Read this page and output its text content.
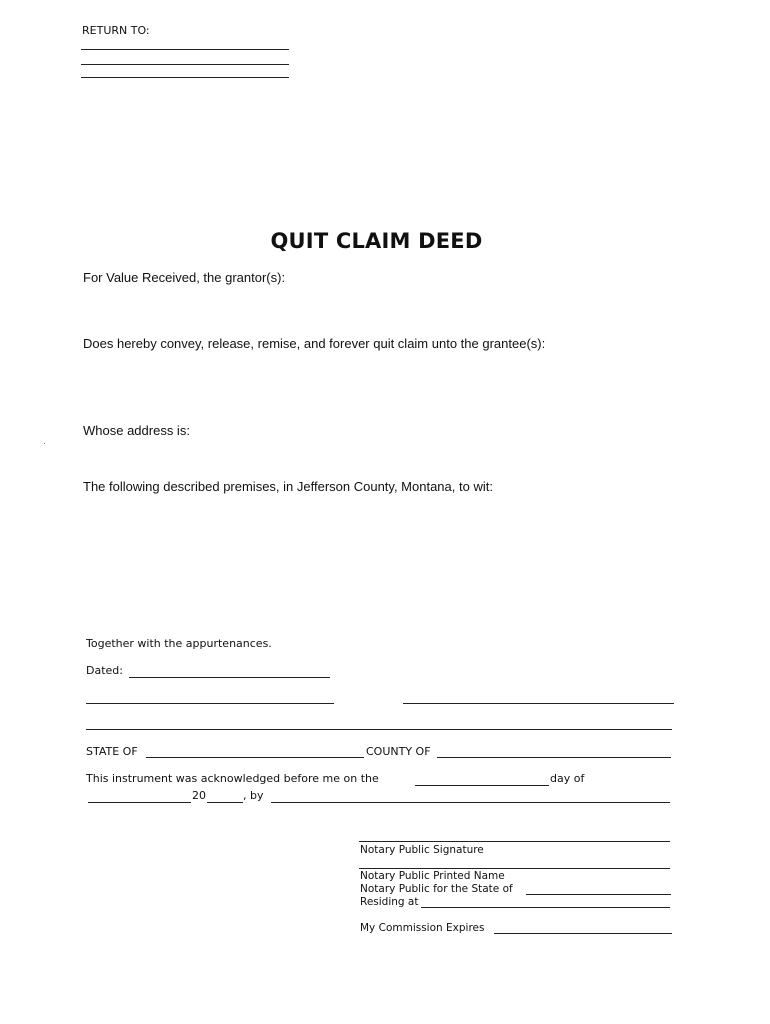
RETURN TO:
QUIT CLAIM DEED
For Value Received, the grantor(s):
Does hereby convey, release, remise, and forever quit claim unto the grantee(s):
Whose address is:
The following described premises, in Jefferson County, Montana, to wit:
Together with the appurtenances.
Dated:
STATE OF	COUNTY OF
This instrument was acknowledged before me on the	day of
20	, by
Notary Public Signature
Notary Public Printed Name
Notary Public for the State of
Residing at
My Commission Expires
